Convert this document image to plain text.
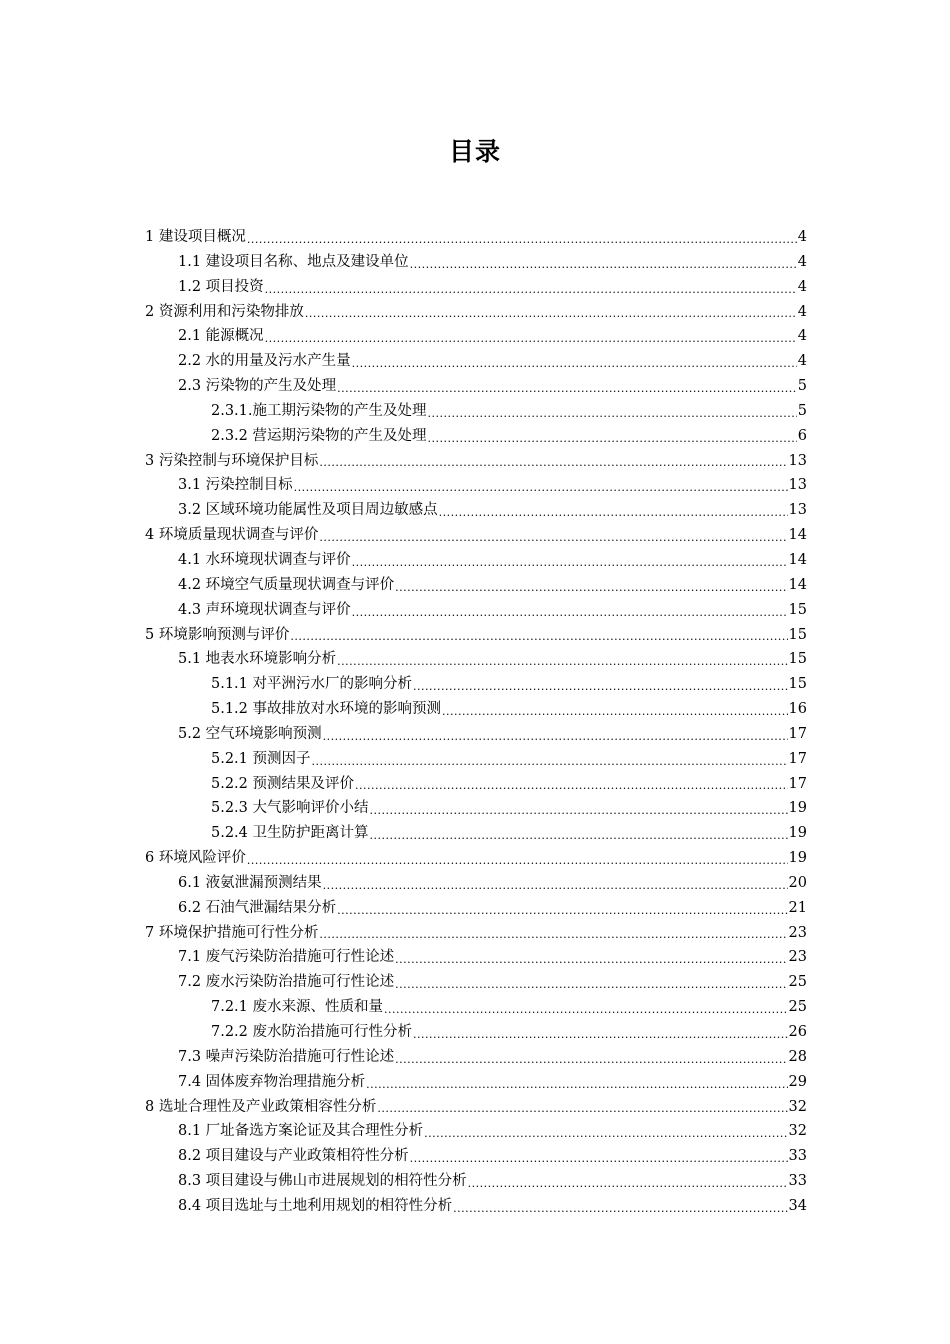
目录
1 建设项目概况 .....	4
1.1 建设项目名称、地点及建设单位 .....	4
1.2 项目投资 .....	4
2 资源利用和污染物排放 .....	4
2.1 能源概况 .....	4
2.2 水的用量及污水产生量 .....	4
2.3 污染物的产生及处理 .....	5
2.3.1.施工期污染物的产生及处理 .....	5
2.3.2 营运期污染物的产生及处理 .....	6
3 污染控制与环境保护目标 .....	13
3.1 污染控制目标 .....	13
3.2 区域环境功能属性及项目周边敏感点 .....	13
4 环境质量现状调查与评价 .....	14
4.1 水环境现状调查与评价 .....	14
4.2 环境空气质量现状调查与评价 .....	14
4.3 声环境现状调查与评价 .....	15
5 环境影响预测与评价 .....	15
5.1 地表水环境影响分析 .....	15
5.1.1 对平洲污水厂的影响分析 .....	15
5.1.2 事故排放对水环境的影响预测 .....	16
5.2 空气环境影响预测 .....	17
5.2.1 预测因子 .....	17
5.2.2 预测结果及评价 .....	17
5.2.3 大气影响评价小结 .....	19
5.2.4 卫生防护距离计算 .....	19
6 环境风险评价 .....	19
6.1 液氨泄漏预测结果 .....	20
6.2 石油气泄漏结果分析 .....	21
7 环境保护措施可行性分析 .....	23
7.1 废气污染防治措施可行性论述 .....	23
7.2 废水污染防治措施可行性论述 .....	25
7.2.1 废水来源、性质和量 .....	25
7.2.2 废水防治措施可行性分析 .....	26
7.3 噪声污染防治措施可行性论述 .....	28
7.4 固体废弃物治理措施分析 .....	29
8 选址合理性及产业政策相容性分析 .....	32
8.1 厂址备选方案论证及其合理性分析 .....	32
8.2 项目建设与产业政策相符性分析 .....	33
8.3 项目建设与佛山市进展规划的相符性分析 .....	33
8.4 项目选址与土地利用规划的相符性分析 .....	34
